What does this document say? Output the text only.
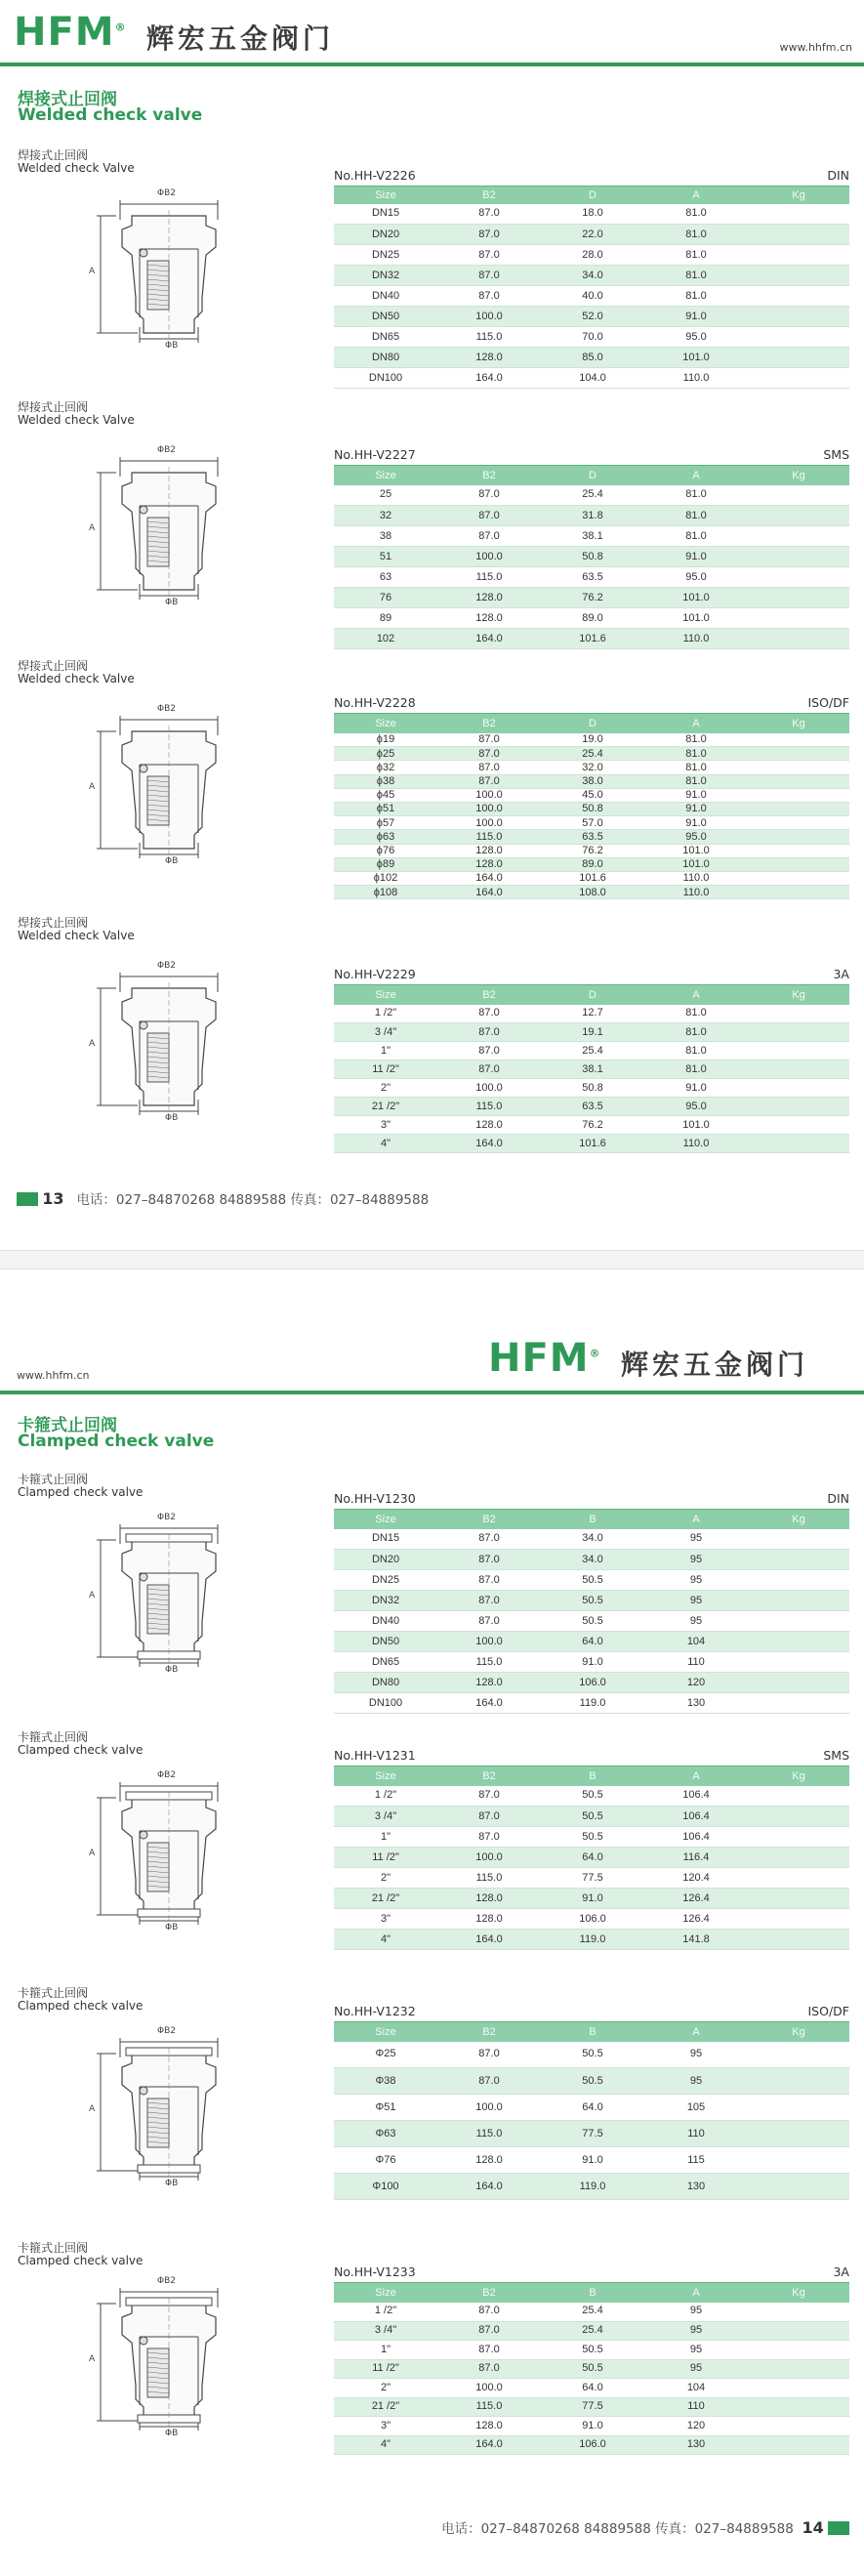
HFM® 辉宏五金阀门	www.hhfm.cn
焊接式止回阀
Welded check valve
焊接式止回阀
Welded check Valve
ΦB2
ΦB
A
No.HH-V2226	DIN
Size	B2	D	A	Kg
DN15	87.0	18.0	81.0	
DN20	87.0	22.0	81.0	
DN25	87.0	28.0	81.0	
DN32	87.0	34.0	81.0	
DN40	87.0	40.0	81.0	
DN50	100.0	52.0	91.0	
DN65	115.0	70.0	95.0	
DN80	128.0	85.0	101.0	
DN100	164.0	104.0	110.0	
焊接式止回阀
Welded check Valve
ΦB2
ΦB
A
No.HH-V2227	SMS
Size	B2	D	A	Kg
25	87.0	25.4	81.0	
32	87.0	31.8	81.0	
38	87.0	38.1	81.0	
51	100.0	50.8	91.0	
63	115.0	63.5	95.0	
76	128.0	76.2	101.0	
89	128.0	89.0	101.0	
102	164.0	101.6	110.0	
焊接式止回阀
Welded check Valve
ΦB2
ΦB
A
No.HH-V2228	ISO/DF
Size	B2	D	A	Kg
ϕ19	87.0	19.0	81.0	
ϕ25	87.0	25.4	81.0	
ϕ32	87.0	32.0	81.0	
ϕ38	87.0	38.0	81.0	
ϕ45	100.0	45.0	91.0	
ϕ51	100.0	50.8	91.0	
ϕ57	100.0	57.0	91.0	
ϕ63	115.0	63.5	95.0	
ϕ76	128.0	76.2	101.0	
ϕ89	128.0	89.0	101.0	
ϕ102	164.0	101.6	110.0	
ϕ108	164.0	108.0	110.0	
焊接式止回阀
Welded check Valve
ΦB2
ΦB
A
No.HH-V2229	3A
Size	B2	D	A	Kg
1 /2"	87.0	12.7	81.0	
3 /4"	87.0	19.1	81.0	
1"	87.0	25.4	81.0	
11 /2"	87.0	38.1	81.0	
2"	100.0	50.8	91.0	
21 /2"	115.0	63.5	95.0	
3"	128.0	76.2	101.0	
4"	164.0	101.6	110.0	
13 电话：027–84870268 84889588 传真：027–84889588
www.hhfm.cn	HFM® 辉宏五金阀门
卡箍式止回阀
Clamped check valve
卡箍式止回阀
Clamped check valve
ΦB2
ΦB
A
No.HH-V1230	DIN
Size	B2	B	A	Kg
DN15	87.0	34.0	95	
DN20	87.0	34.0	95	
DN25	87.0	50.5	95	
DN32	87.0	50.5	95	
DN40	87.0	50.5	95	
DN50	100.0	64.0	104	
DN65	115.0	91.0	110	
DN80	128.0	106.0	120	
DN100	164.0	119.0	130	
卡箍式止回阀
Clamped check valve
ΦB2
ΦB
A
No.HH-V1231	SMS
Size	B2	B	A	Kg
1 /2"	87.0	50.5	106.4	
3 /4"	87.0	50.5	106.4	
1"	87.0	50.5	106.4	
11 /2"	100.0	64.0	116.4	
2"	115.0	77.5	120.4	
21 /2"	128.0	91.0	126.4	
3"	128.0	106.0	126.4	
4"	164.0	119.0	141.8	
卡箍式止回阀
Clamped check valve
ΦB2
ΦB
A
No.HH-V1232	ISO/DF
Size	B2	B	A	Kg
Φ25	87.0	50.5	95	
Φ38	87.0	50.5	95	
Φ51	100.0	64.0	105	
Φ63	115.0	77.5	110	
Φ76	128.0	91.0	115	
Φ100	164.0	119.0	130	
卡箍式止回阀
Clamped check valve
ΦB2
ΦB
A
No.HH-V1233	3A
Size	B2	B	A	Kg
1 /2"	87.0	25.4	95	
3 /4"	87.0	25.4	95	
1"	87.0	50.5	95	
11 /2"	87.0	50.5	95	
2"	100.0	64.0	104	
21 /2"	115.0	77.5	110	
3"	128.0	91.0	120	
4"	164.0	106.0	130	
电话：027–84870268 84889588 传真：027–84889588 14
